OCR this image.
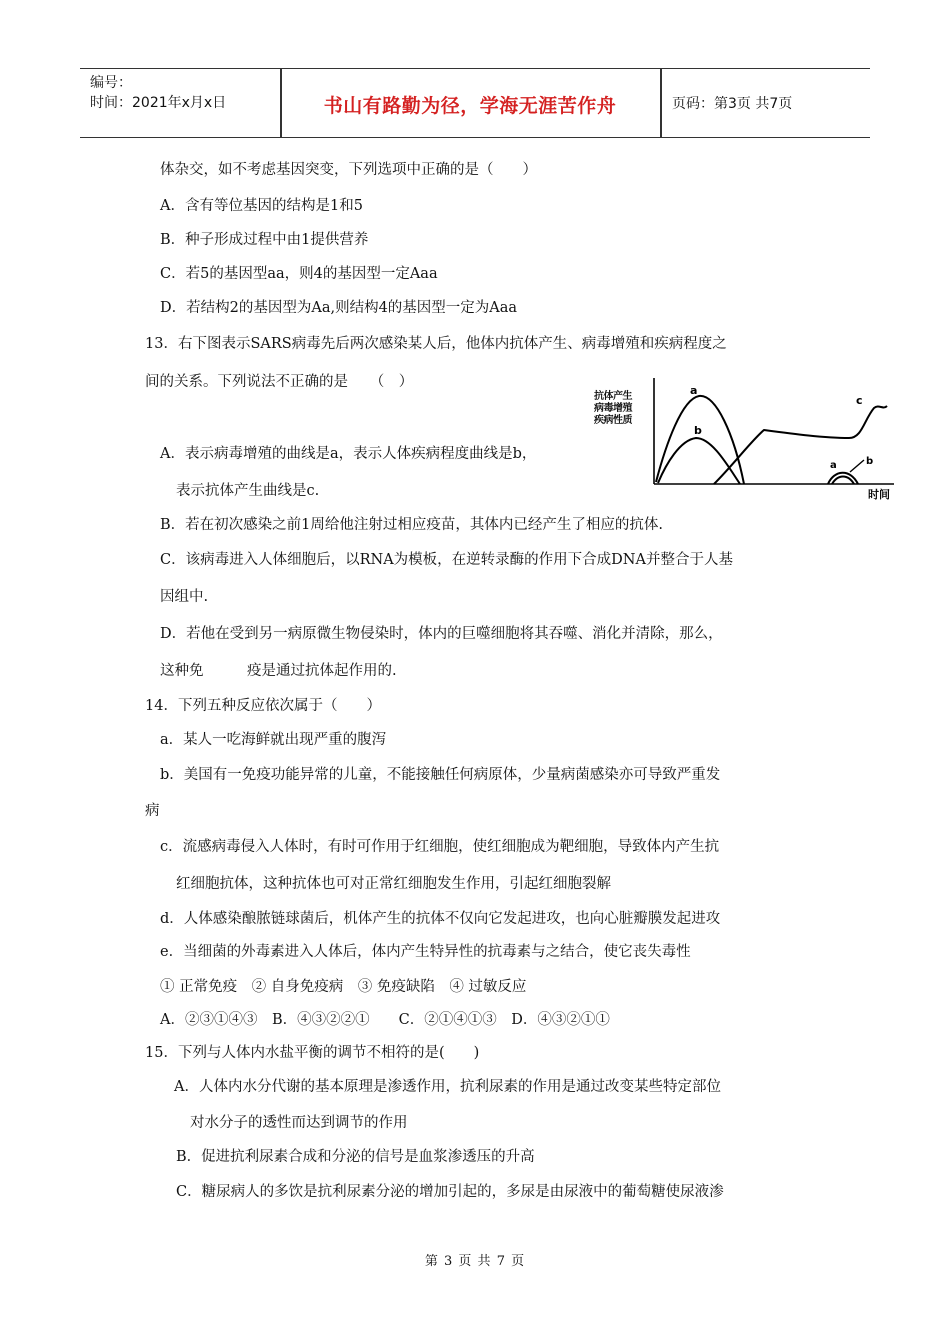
编号：
时间：2021年x月x日	书山有路勤为径，学海无涯苦作舟	页码：第3页 共7页
体杂交，如不考虑基因突变，下列选项中正确的是（　　）
A．含有等位基因的结构是1和5
B．种子形成过程中由1提供营养
C．若5的基因型aa，则4的基因型一定Aaa
D．若结构2的基因型为Aa,则结构4的基因型一定为Aaa
13．右下图表示SARS病毒先后两次感染某人后，他体内抗体产生、病毒增殖和疾病程度之
间的关系。下列说法不正确的是　　（　）
A．表示病毒增殖的曲线是a，表示人体疾病程度曲线是b，
表示抗体产生曲线是c.
B．若在初次感染之前1周给他注射过相应疫苗，其体内已经产生了相应的抗体.
C．该病毒进入人体细胞后，以RNA为模板，在逆转录酶的作用下合成DNA并整合于人基
因组中.
D．若他在受到另一病原微生物侵染时，体内的巨噬细胞将其吞噬、消化并清除，那么，
这种免　　　疫是通过抗体起作用的.
14．下列五种反应依次属于（　　）
a．某人一吃海鲜就出现严重的腹泻
b．美国有一免疫功能异常的儿童，不能接触任何病原体，少量病菌感染亦可导致严重发
病
c．流感病毒侵入人体时，有时可作用于红细胞，使红细胞成为靶细胞，导致体内产生抗
红细胞抗体，这种抗体也可对正常红细胞发生作用，引起红细胞裂解
d．人体感染酿脓链球菌后，机体产生的抗体不仅向它发起进攻，也向心脏瓣膜发起进攻
e．当细菌的外毒素进入人体后，体内产生特异性的抗毒素与之结合，使它丧失毒性
① 正常免疫　② 自身免疫病　③ 免疫缺陷　④ 过敏反应
A．②③①④③　B．④③②②①　　C．②①④①③　D．④③②①①
15．下列与人体内水盐平衡的调节不相符的是(　　)
A．人体内水分代谢的基本原理是渗透作用，抗利尿素的作用是通过改变某些特定部位
对水分子的透性而达到调节的作用
B．促进抗利尿素合成和分泌的信号是血浆渗透压的升高
C．糖尿病人的多饮是抗利尿素分泌的增加引起的，多尿是由尿液中的葡萄糖使尿液渗
抗体产生
病毒增殖
疾病性质
a
b
c
a	b
时间
第 3 页 共 7 页
